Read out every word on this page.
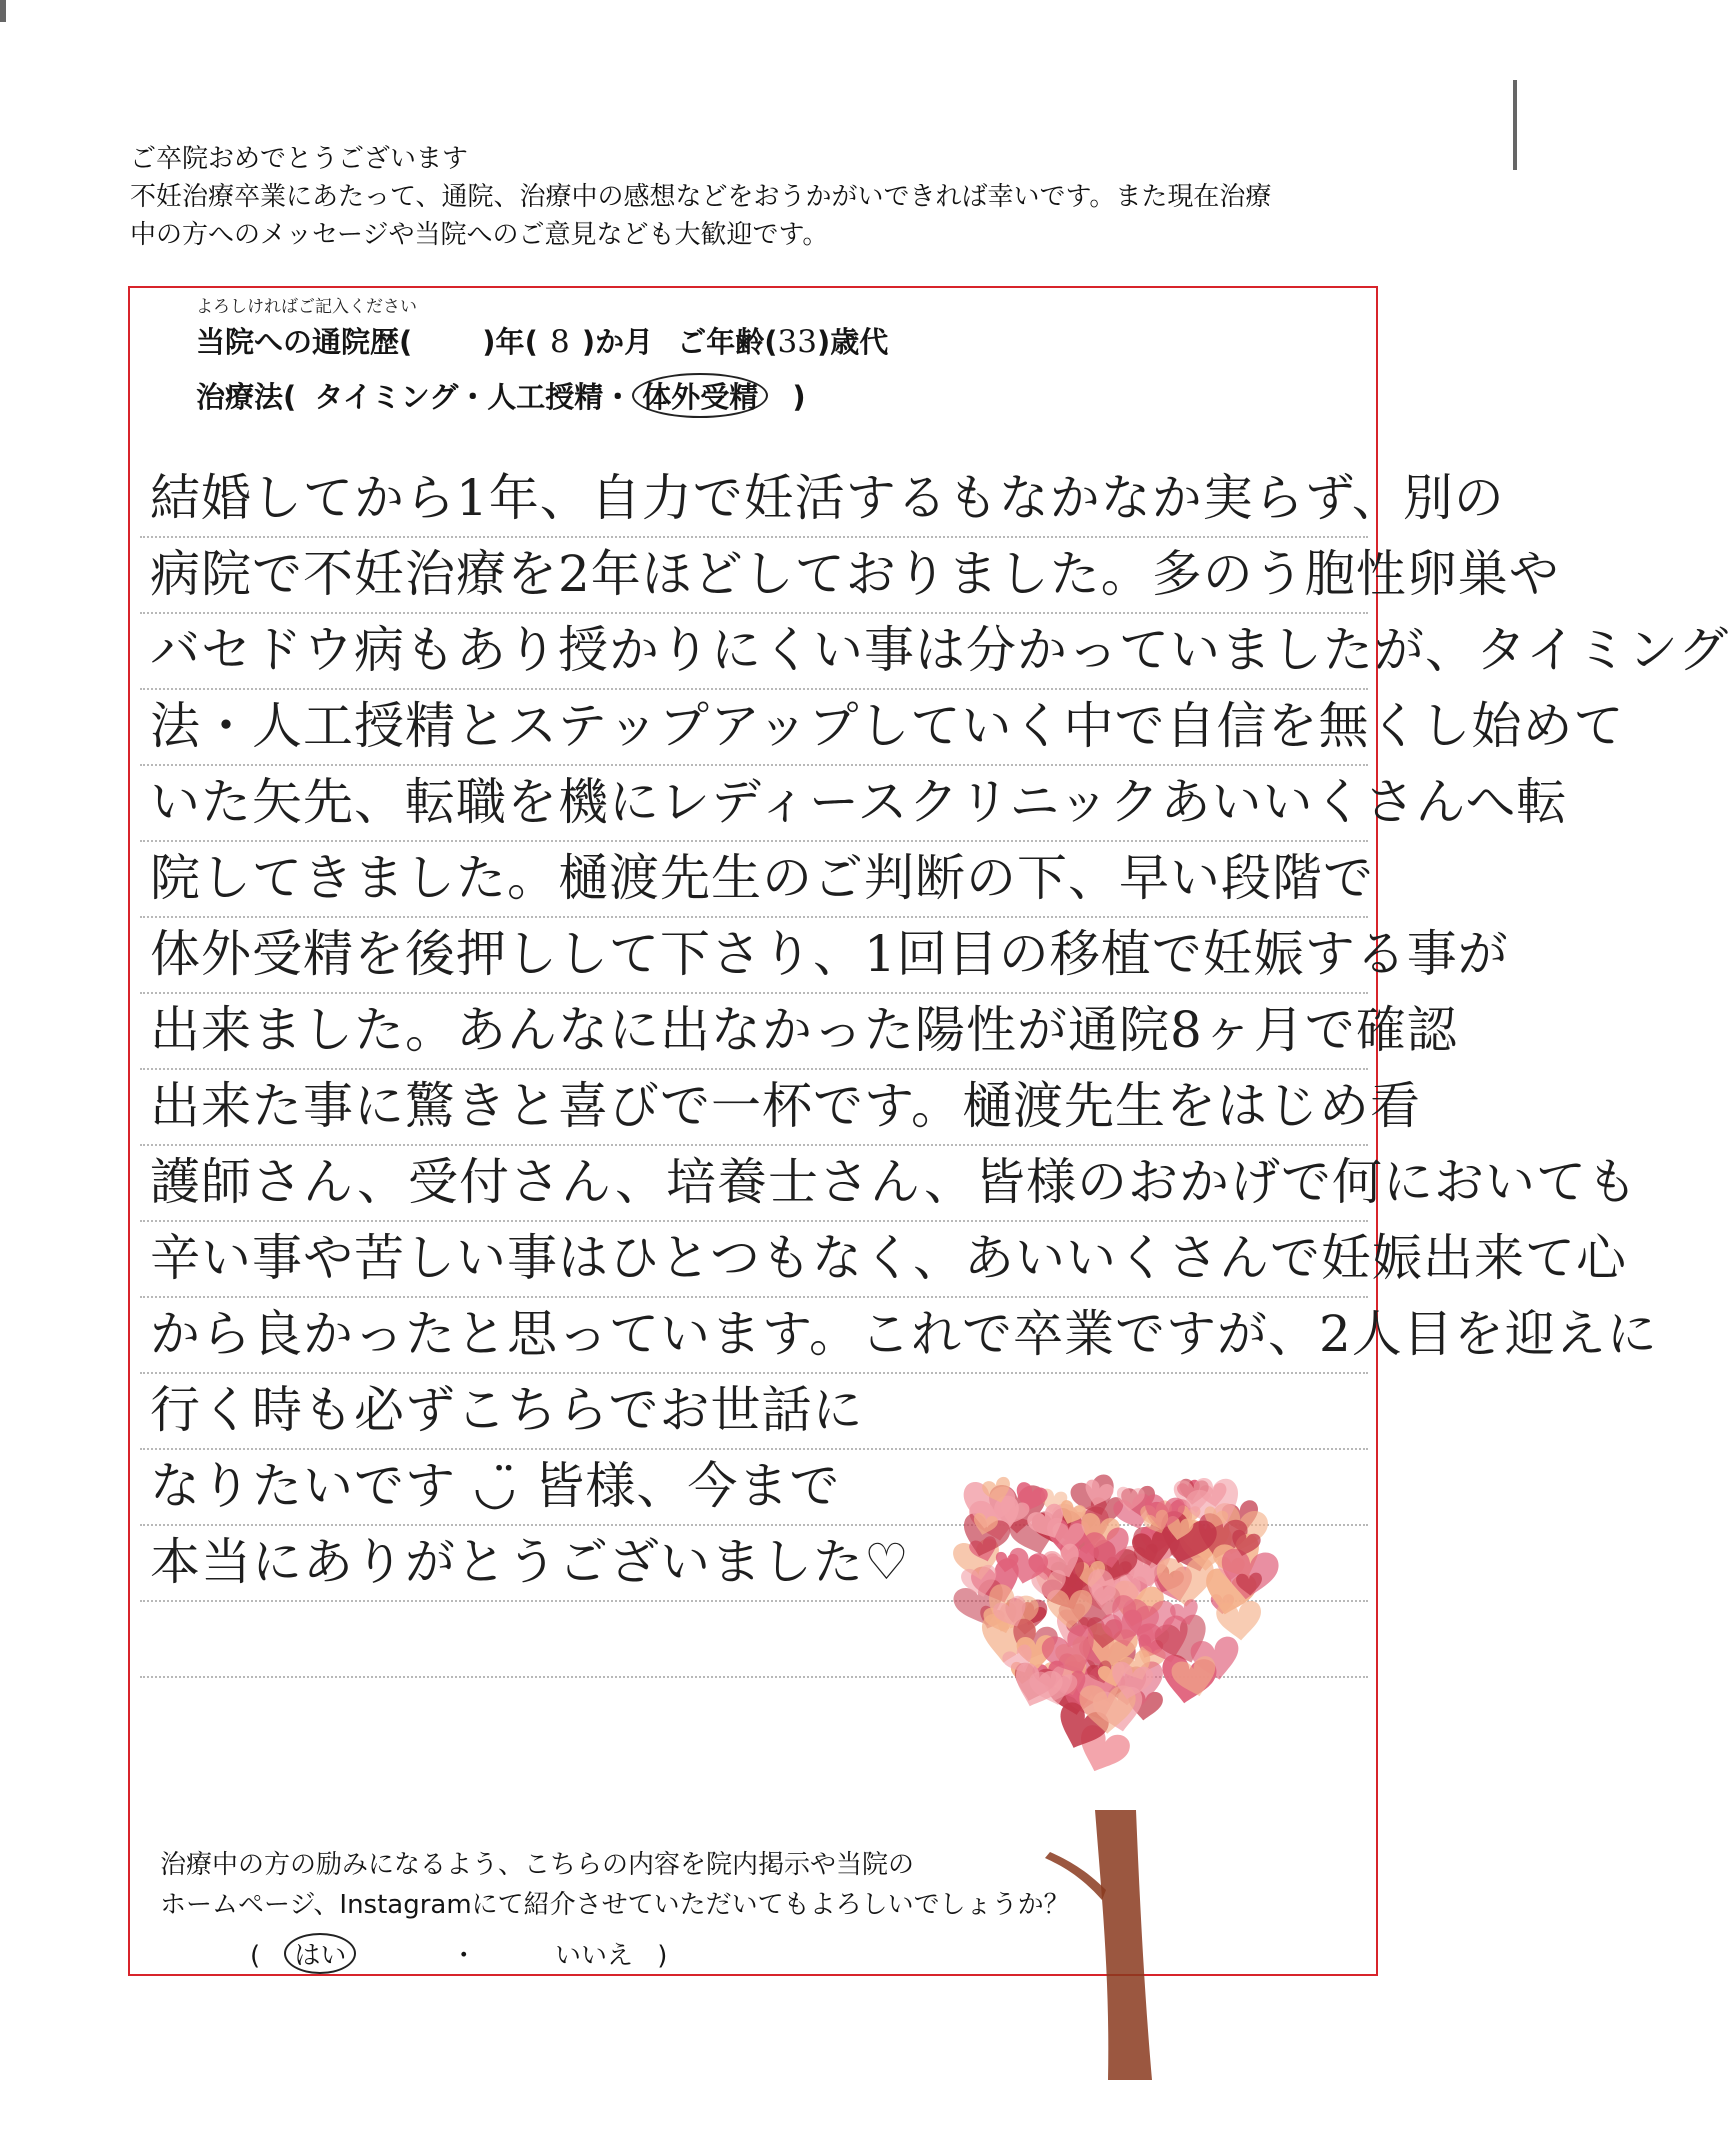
ご卒院おめでとうございます
不妊治療卒業にあたって、通院、治療中の感想などをおうかがいできれば幸いです。また現在治療
中の方へのメッセージや当院へのご意見なども大歓迎です。
よろしければご記入ください
当院への通院歴( )年( 8 )か月 ご年齢(33)歳代
治療法( タイミング・人工授精・ 体外受精 )
結婚してから1年、自力で妊活するもなかなか実らず、別の
病院で不妊治療を2年ほどしておりました。多のう胞性卵巣や
バセドウ病もあり授かりにくい事は分かっていましたが、タイミング
法・人工授精とステップアップしていく中で自信を無くし始めて
いた矢先、転職を機にレディースクリニックあいいくさんへ転
院してきました。樋渡先生のご判断の下、早い段階で
体外受精を後押しして下さり、1回目の移植で妊娠する事が
出来ました。あんなに出なかった陽性が通院8ヶ月で確認
出来た事に驚きと喜びで一杯です。樋渡先生をはじめ看
護師さん、受付さん、培養士さん、皆様のおかげで何においても
辛い事や苦しい事はひとつもなく、あいいくさんで妊娠出来て心
から良かったと思っています。これで卒業ですが、2人目を迎えに
行く時も必ずこちらでお世話に
なりたいです ◡̈ 皆様、今まで
本当にありがとうございました♡
治療中の方の励みになるよう、こちらの内容を院内掲示や当院の
ホームページ、Instagramにて紹介させていただいてもよろしいでしょうか？
( はい	・	いいえ )
